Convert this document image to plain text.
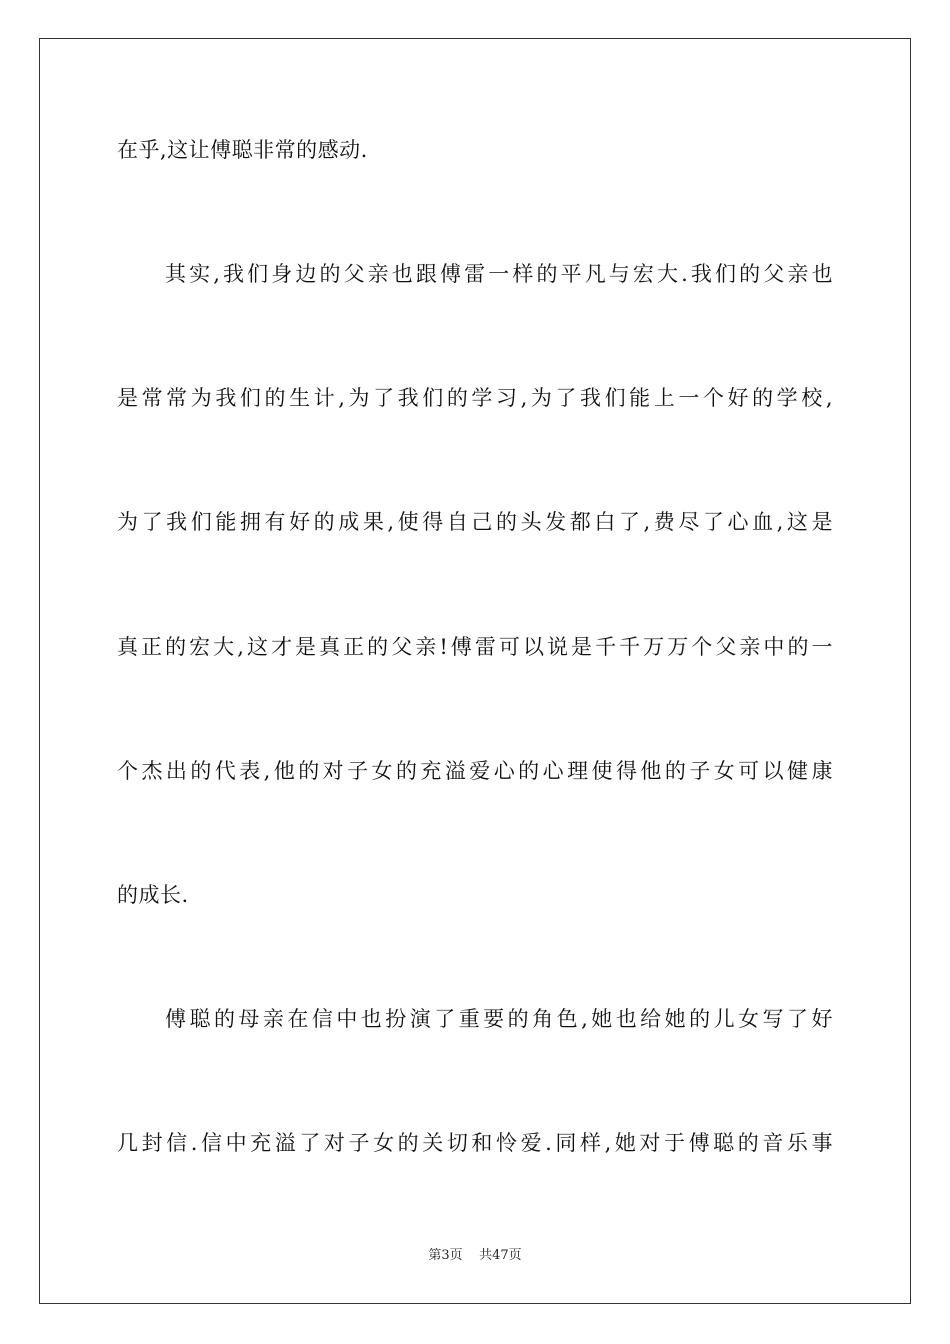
在乎,这让傅聪非常的感动.
其实,我们身边的父亲也跟傅雷一样的平凡与宏大.我们的父亲也
是常常为我们的生计,为了我们的学习,为了我们能上一个好的学校,
为了我们能拥有好的成果,使得自己的头发都白了,费尽了心血,这是
真正的宏大,这才是真正的父亲!傅雷可以说是千千万万个父亲中的一
个杰出的代表,他的对子女的充溢爱心的心理使得他的子女可以健康
的成长.
傅聪的母亲在信中也扮演了重要的角色,她也给她的儿女写了好
几封信.信中充溢了对子女的关切和怜爱.同样,她对于傅聪的音乐事
第3页 共47页
